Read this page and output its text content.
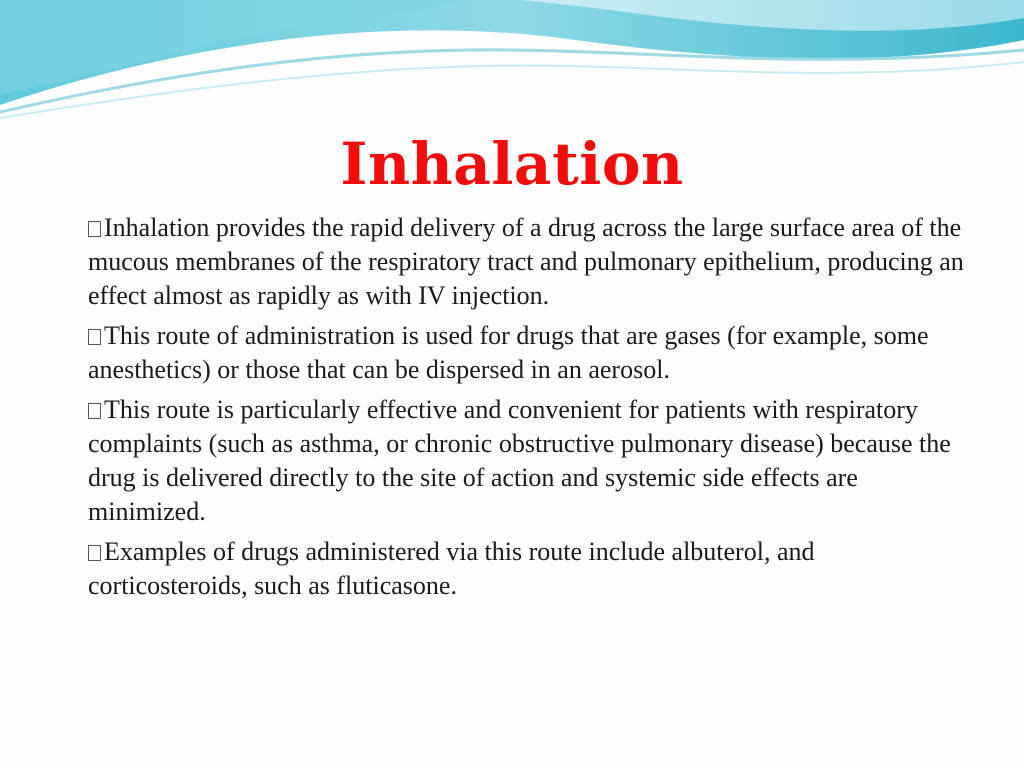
Inhalation

Inhalation provides the rapid delivery of a drug across the large surface area of the mucous membranes of the respiratory tract and pulmonary epithelium, producing an effect almost as rapidly as with IV injection.

This route of administration is used for drugs that are gases (for example, some anesthetics) or those that can be dispersed in an aerosol.

This route is particularly effective and convenient for patients with respiratory complaints (such as asthma, or chronic obstructive pulmonary disease) because the drug is delivered directly to the site of action and systemic side effects are minimized.

Examples of drugs administered via this route include albuterol, and corticosteroids, such as fluticasone.
